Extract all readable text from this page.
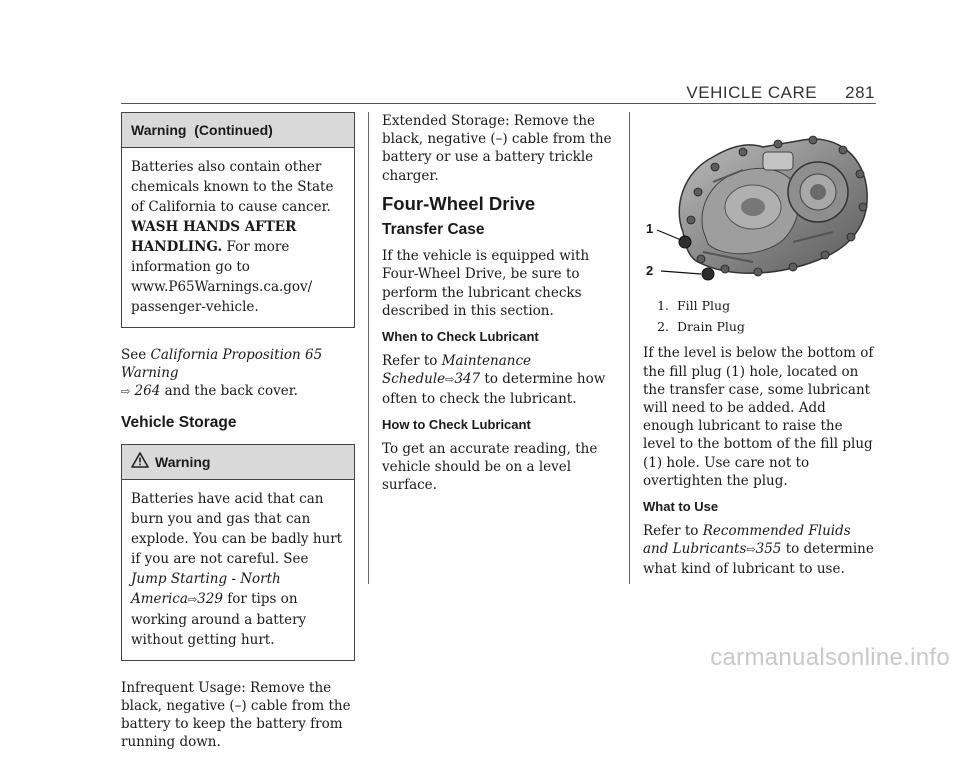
VEHICLE CARE 281
Warning  (Continued)
Batteries also contain other chemicals known to the State of California to cause cancer. WASH HANDS AFTER HANDLING. For more information go to www.P65Warnings.ca.gov/ passenger-vehicle.

See California Proposition 65 Warning
⇨ 264 and the back cover.

Vehicle Storage
Warning
Batteries have acid that can burn you and gas that can explode. You can be badly hurt if you are not careful. See Jump Starting - North America⇨329 for tips on working around a battery without getting hurt.

Infrequent Usage: Remove the black, negative (–) cable from the battery to keep the battery from running down.

Extended Storage: Remove the black, negative (–) cable from the battery or use a battery trickle charger.

Four-Wheel Drive
Transfer Case

If the vehicle is equipped with Four-Wheel Drive, be sure to perform the lubricant checks described in this section.

When to Check Lubricant

Refer to Maintenance Schedule⇨347 to determine how often to check the lubricant.

How to Check Lubricant

To get an accurate reading, the vehicle should be on a level surface.

1
2
1. Fill Plug
2. Drain Plug

If the level is below the bottom of the fill plug (1) hole, located on the transfer case, some lubricant will need to be added. Add enough lubricant to raise the level to the bottom of the fill plug (1) hole. Use care not to overtighten the plug.

What to Use

Refer to Recommended Fluids and Lubricants⇨355 to determine what kind of lubricant to use.

carmanualsonline.info
